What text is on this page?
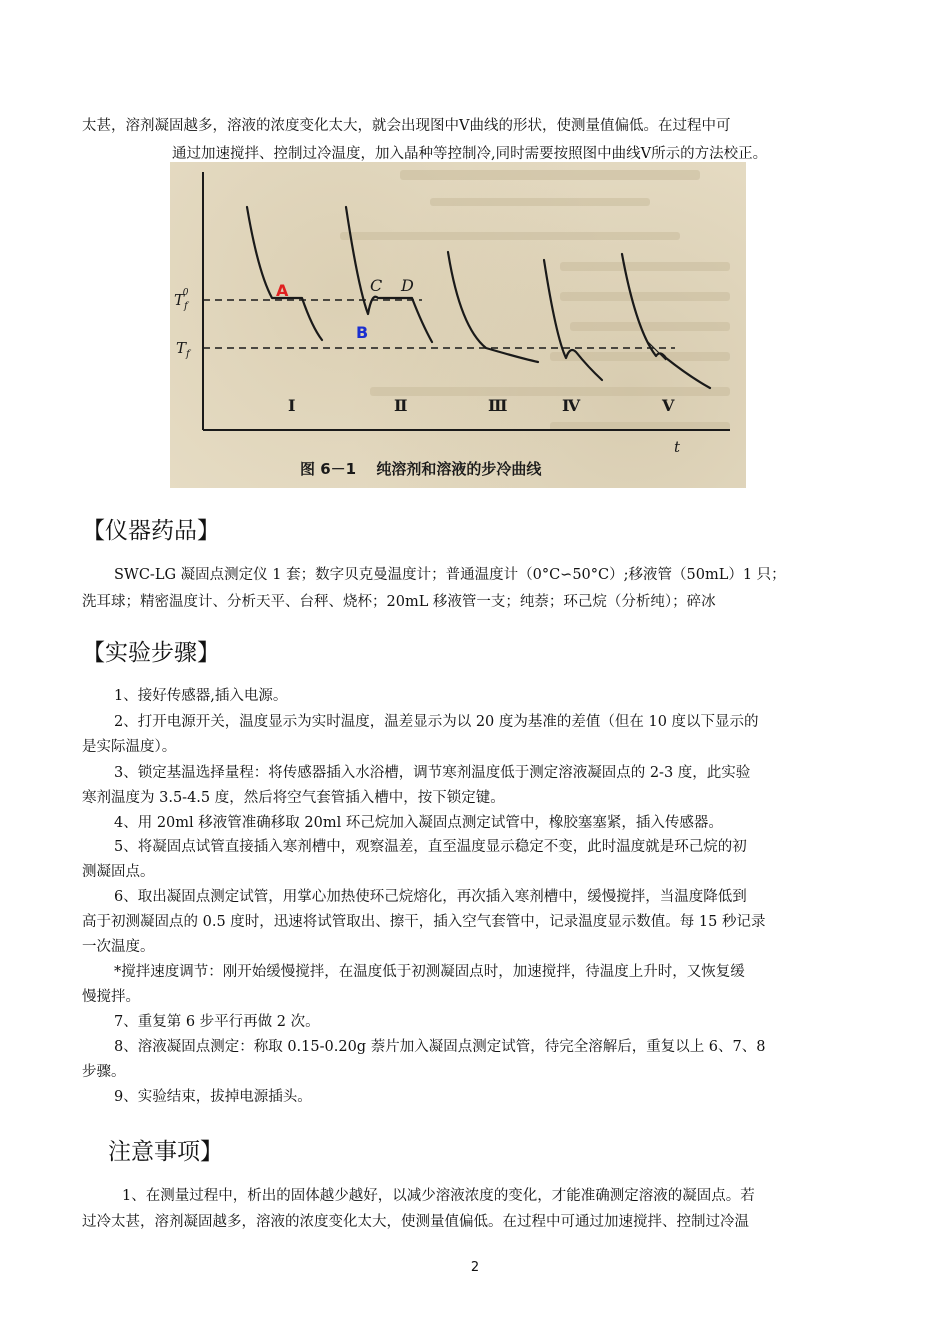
太甚，溶剂凝固越多，溶液的浓度变化太大，就会出现图中Ⅴ曲线的形状，使测量值偏低。在过程中可
通过加速搅拌、控制过冷温度，加入晶种等控制冷,同时需要按照图中曲线Ⅴ所示的方法校正。
$T_f0$
$T_f$
t
A
B
C D
Ⅰ	Ⅱ	Ⅲ	Ⅳ	Ⅴ
图 6－1　 纯溶剂和溶液的步冷曲线
【仪器药品】
SWC-LG 凝固点测定仪 1 套；数字贝克曼温度计；普通温度计（0°C∽50°C）;移液管（50mL）1 只；
洗耳球；精密温度计、分析天平、台秤、烧杯；20mL 移液管一支；纯萘；环己烷（分析纯）；碎冰
【实验步骤】
1、接好传感器,插入电源。
2、打开电源开关，温度显示为实时温度，温差显示为以 20 度为基准的差值（但在 10 度以下显示的
是实际温度）。
3、锁定基温选择量程：将传感器插入水浴槽，调节寒剂温度低于测定溶液凝固点的 2-3 度，此实验
寒剂温度为 3.5-4.5 度，然后将空气套管插入槽中，按下锁定键。
4、用 20ml 移液管准确移取 20ml 环己烷加入凝固点测定试管中，橡胶塞塞紧，插入传感器。
5、将凝固点试管直接插入寒剂槽中，观察温差，直至温度显示稳定不变，此时温度就是环己烷的初
测凝固点。
6、取出凝固点测定试管，用掌心加热使环己烷熔化，再次插入寒剂槽中，缓慢搅拌，当温度降低到
高于初测凝固点的 0.5 度时，迅速将试管取出、擦干，插入空气套管中，记录温度显示数值。每 15 秒记录
一次温度。
*搅拌速度调节：刚开始缓慢搅拌，在温度低于初测凝固点时，加速搅拌，待温度上升时，又恢复缓
慢搅拌。
7、重复第 6 步平行再做 2 次。
8、溶液凝固点测定：称取 0.15-0.20g 萘片加入凝固点测定试管，待完全溶解后，重复以上 6、7、8
步骤。
9、实验结束，拔掉电源插头。
注意事项】
1、在测量过程中，析出的固体越少越好，以减少溶液浓度的变化，才能准确测定溶液的凝固点。若
过冷太甚，溶剂凝固越多，溶液的浓度变化太大，使测量值偏低。在过程中可通过加速搅拌、控制过冷温
2
